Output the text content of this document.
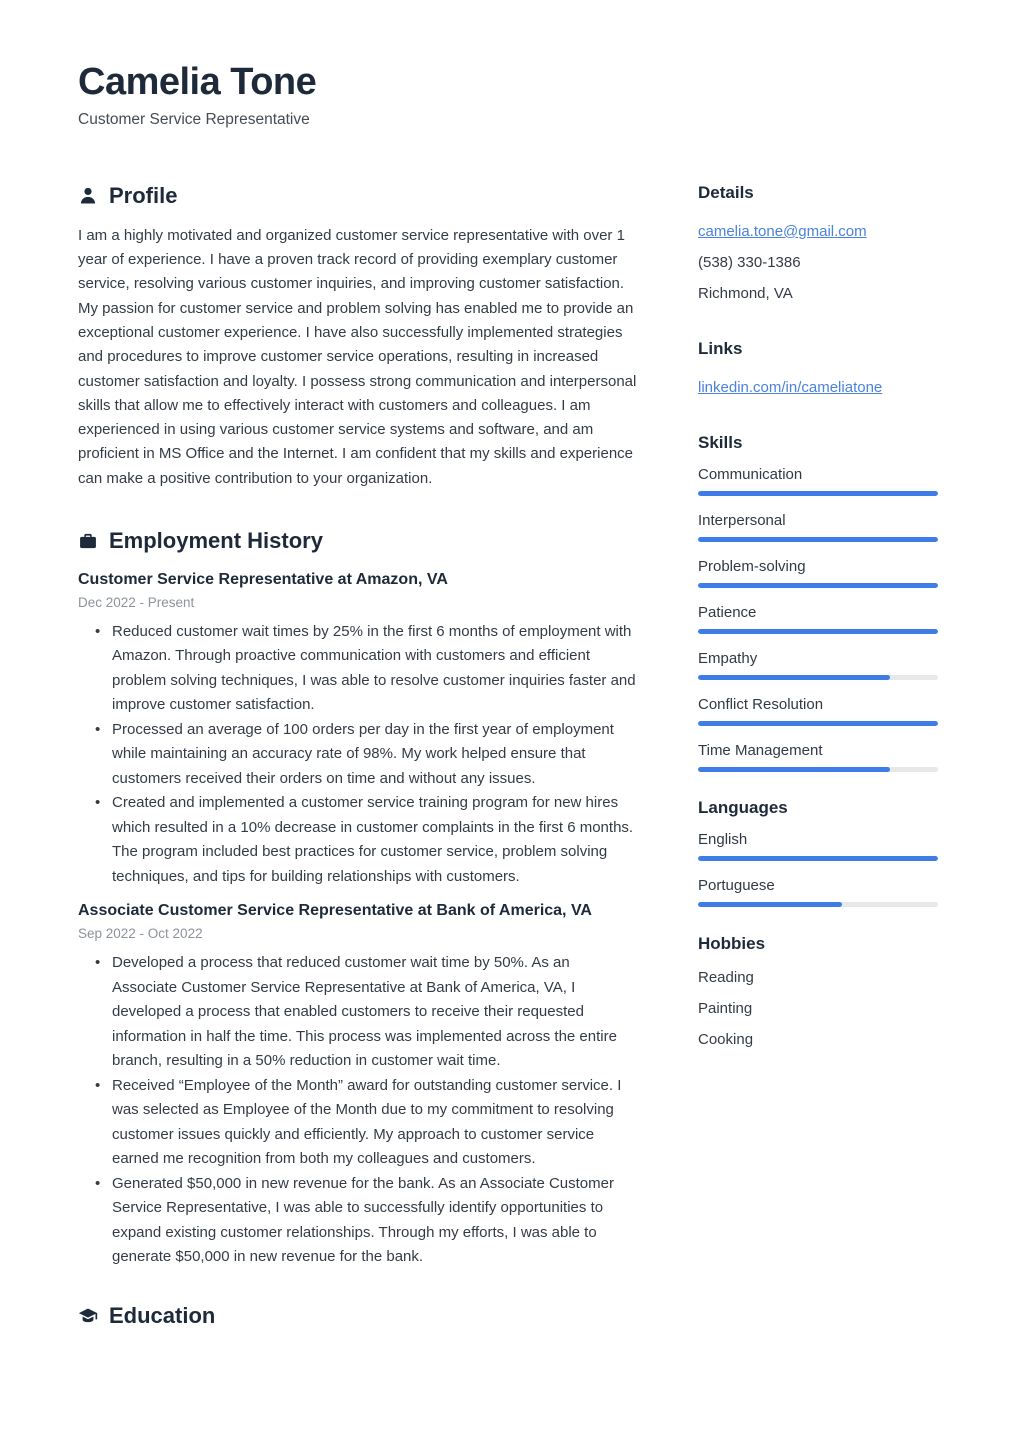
Camelia Tone
Customer Service Representative
Profile

I am a highly motivated and organized customer service representative with over 1 year of experience. I have a proven track record of providing exemplary customer service, resolving various customer inquiries, and improving customer satisfaction. My passion for customer service and problem solving has enabled me to provide an exceptional customer experience. I have also successfully implemented strategies and procedures to improve customer service operations, resulting in increased customer satisfaction and loyalty. I possess strong communication and interpersonal skills that allow me to effectively interact with customers and colleagues. I am experienced in using various customer service systems and software, and am proficient in MS Office and the Internet. I am confident that my skills and experience can make a positive contribution to your organization.

Employment History
Customer Service Representative at Amazon, VA
Dec 2022 - Present
• Reduced customer wait times by 25% in the first 6 months of employment with Amazon. Through proactive communication with customers and efficient problem solving techniques, I was able to resolve customer inquiries faster and improve customer satisfaction.
• Processed an average of 100 orders per day in the first year of employment while maintaining an accuracy rate of 98%. My work helped ensure that customers received their orders on time and without any issues.
• Created and implemented a customer service training program for new hires which resulted in a 10% decrease in customer complaints in the first 6 months. The program included best practices for customer service, problem solving techniques, and tips for building relationships with customers.
Associate Customer Service Representative at Bank of America, VA
Sep 2022 - Oct 2022
• Developed a process that reduced customer wait time by 50%. As an Associate Customer Service Representative at Bank of America, VA, I developed a process that enabled customers to receive their requested information in half the time. This process was implemented across the entire branch, resulting in a 50% reduction in customer wait time.
• Received “Employee of the Month” award for outstanding customer service. I was selected as Employee of the Month due to my commitment to resolving customer issues quickly and efficiently. My approach to customer service earned me recognition from both my colleagues and customers.
• Generated $50,000 in new revenue for the bank. As an Associate Customer Service Representative, I was able to successfully identify opportunities to expand existing customer relationships. Through my efforts, I was able to generate $50,000 in new revenue for the bank.
Education
Details
camelia.tone@gmail.com
(538) 330-1386
Richmond, VA
Links
linkedin.com/in/cameliatone
Skills
Communication
Interpersonal
Problem-solving
Patience
Empathy
Conflict Resolution
Time Management
Languages
English
Portuguese
Hobbies
Reading
Painting
Cooking
